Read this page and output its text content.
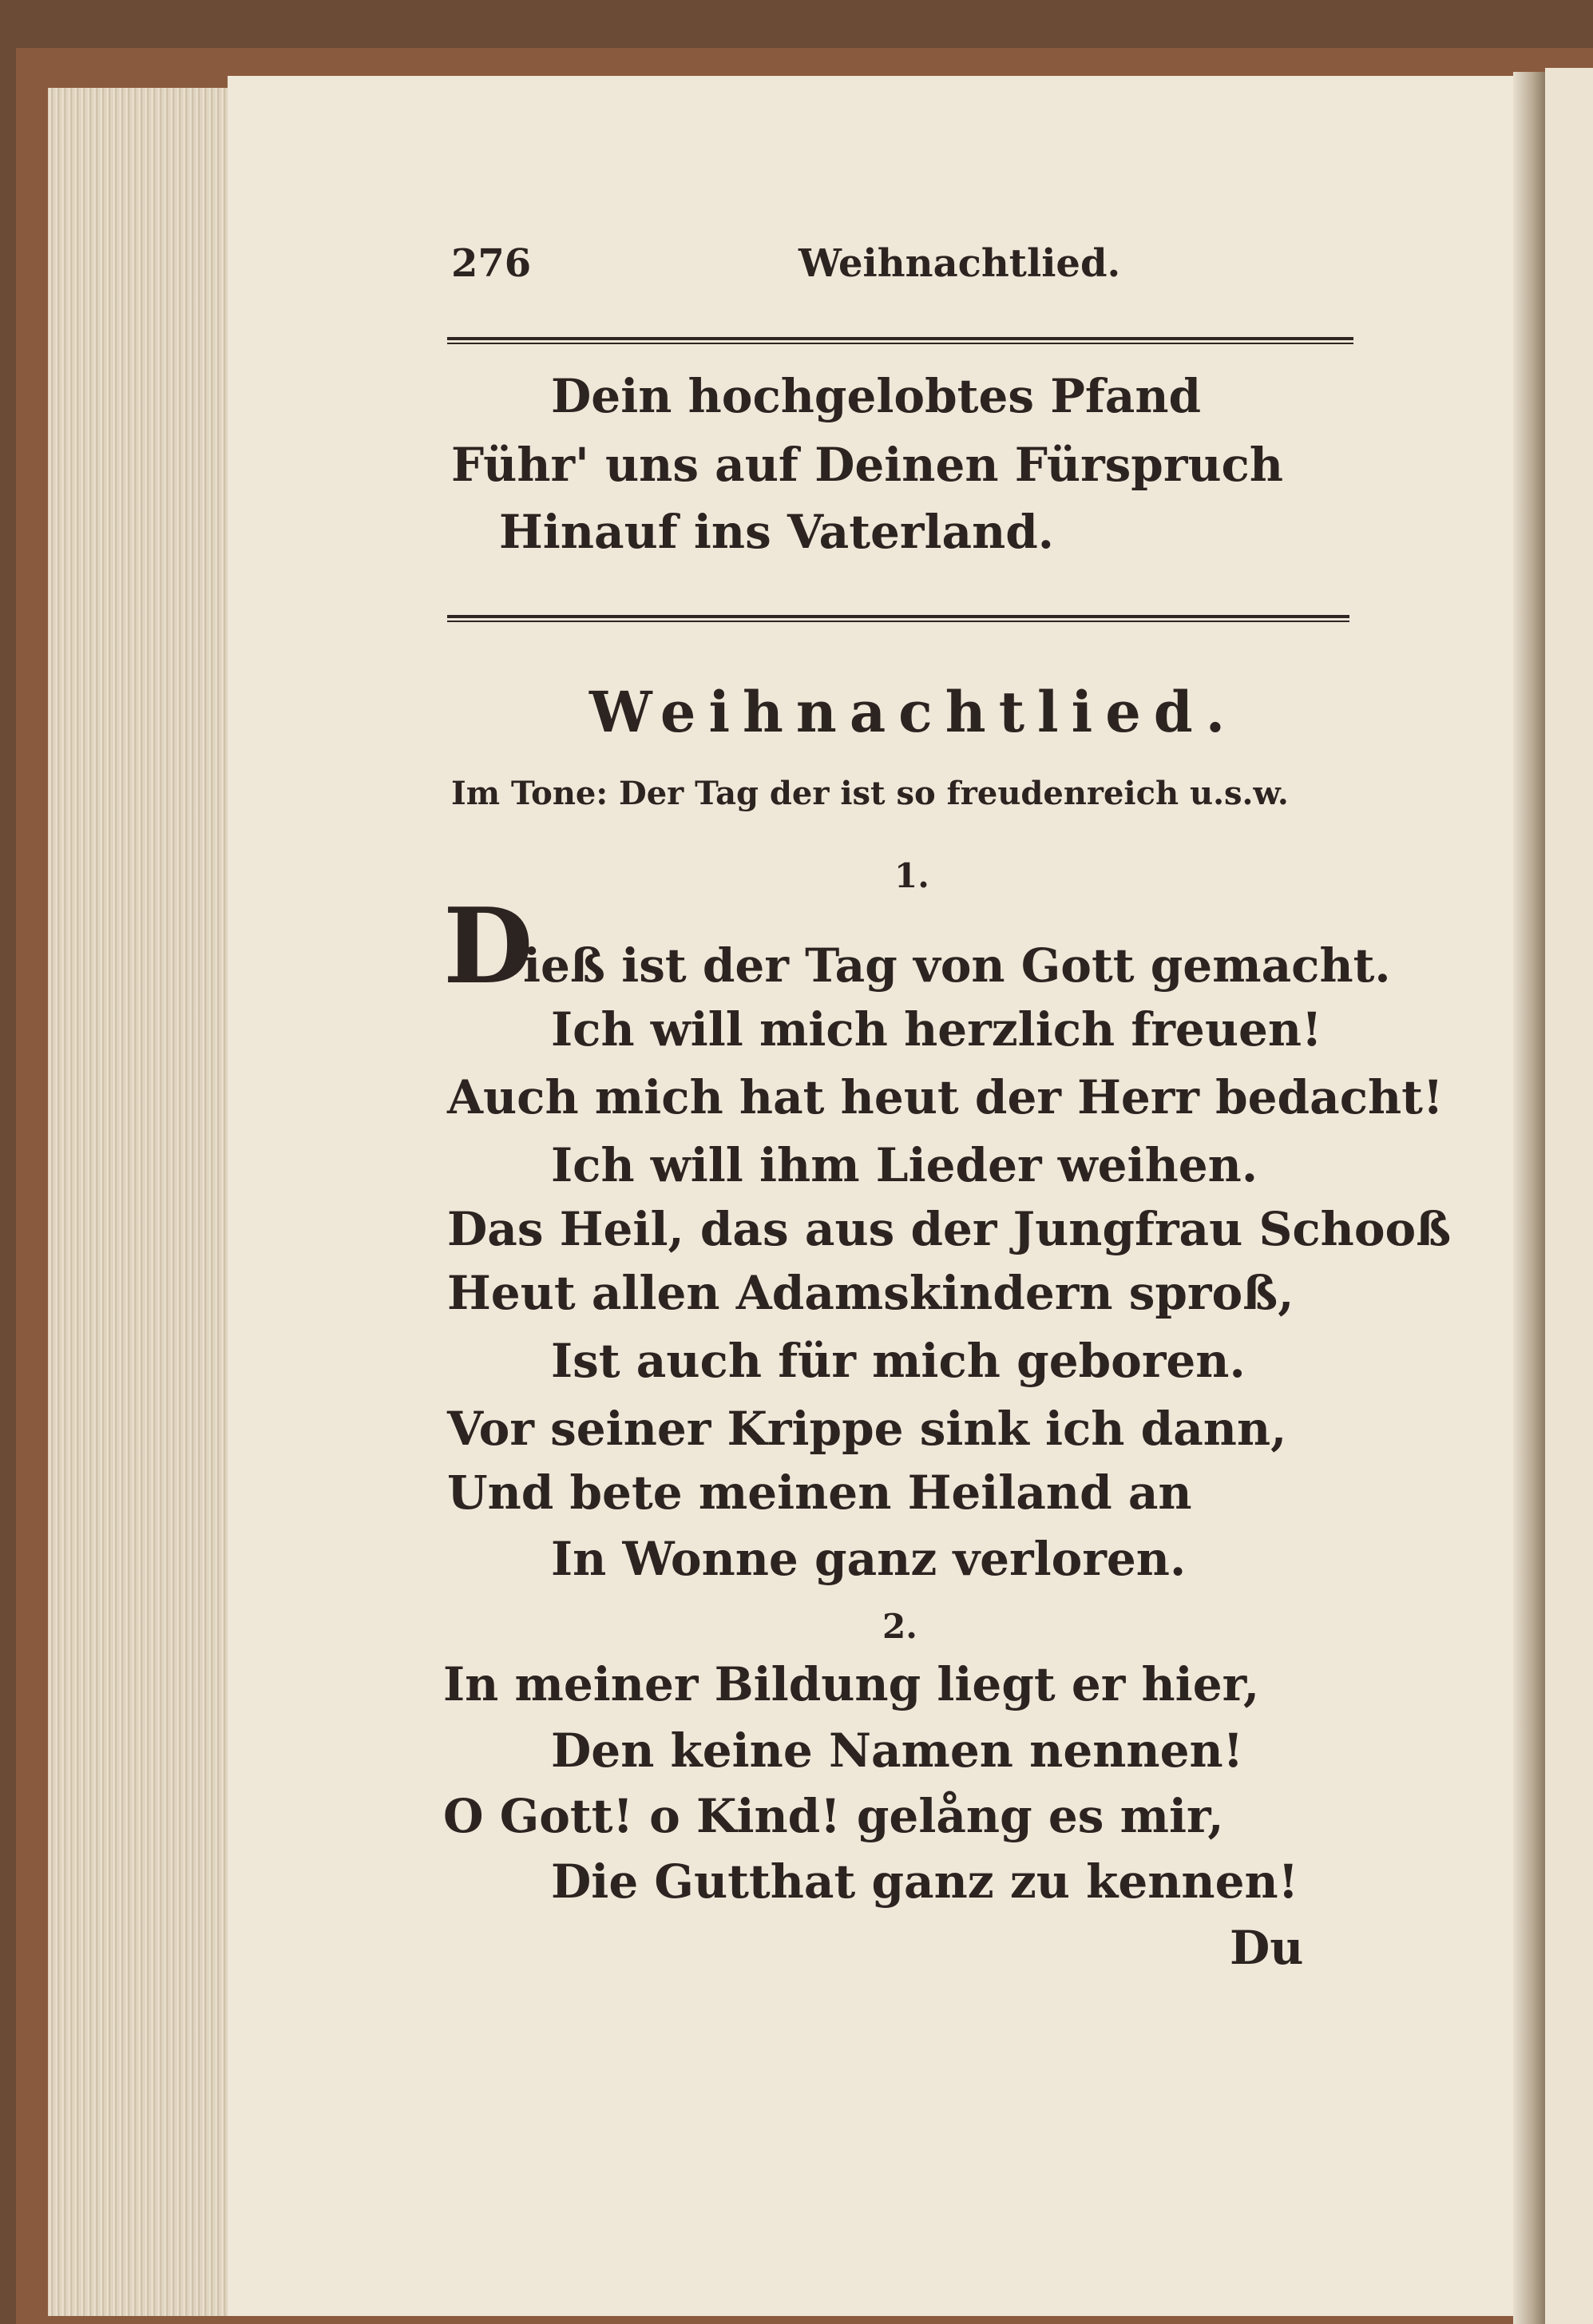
276	Weihnachtlied.
Dein hochgelobtes Pfand
Führ' uns auf Deinen Fürspruch
Hinauf ins Vaterland.
Weihnachtlied.
Im Tone: Der Tag der ist so freudenreich u.s.w.
1.
D
ieß ist der Tag von Gott gemacht.
Ich will mich herzlich freuen!
Auch mich hat heut der Herr bedacht!
Ich will ihm Lieder weihen.
Das Heil, das aus der Jungfrau Schooß
Heut allen Adamskindern sproß,
Ist auch für mich geboren.
Vor seiner Krippe sink ich dann,
Und bete meinen Heiland an
In Wonne ganz verloren.
2.
In meiner Bildung liegt er hier,
Den keine Namen nennen!
O Gott! o Kind! gelång es mir,
Die Gutthat ganz zu kennen!
Du
